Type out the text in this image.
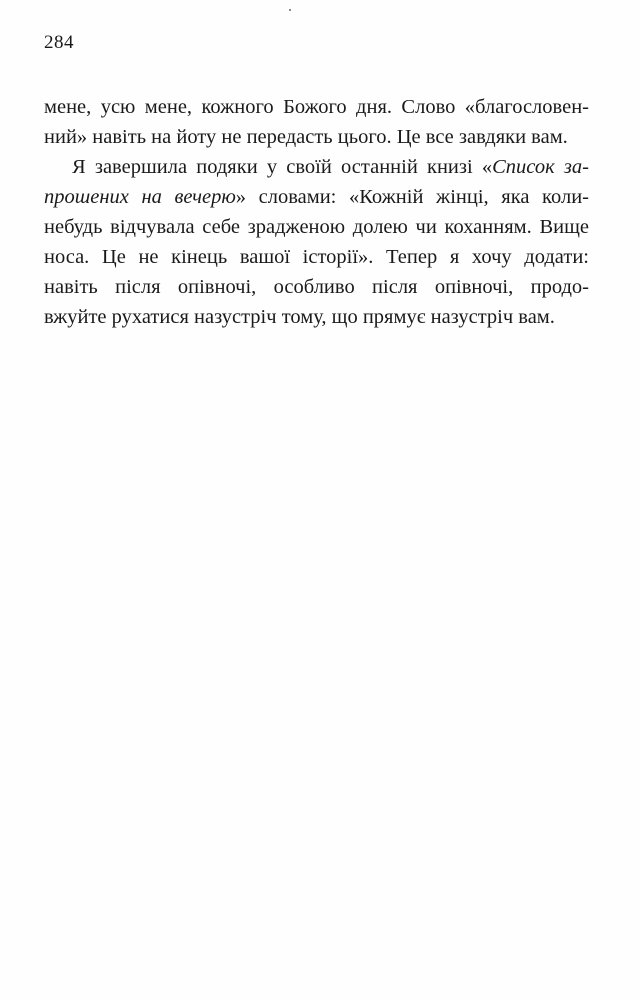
284
мене, усю мене, кожного Божого дня. Слово «благословен-
ний» навіть на йоту не передасть цього. Це все завдяки вам.
Я завершила подяки у своїй останній книзі «Список за-
прошених на вечерю» словами: «Кожній жінці, яка коли-
небудь відчувала себе зрадженою долею чи коханням. Вище
носа. Це не кінець вашої історії». Тепер я хочу додати:
навіть після опівночі, особливо після опівночі, продо-
вжуйте рухатися назустріч тому, що прямує назустріч вам.
